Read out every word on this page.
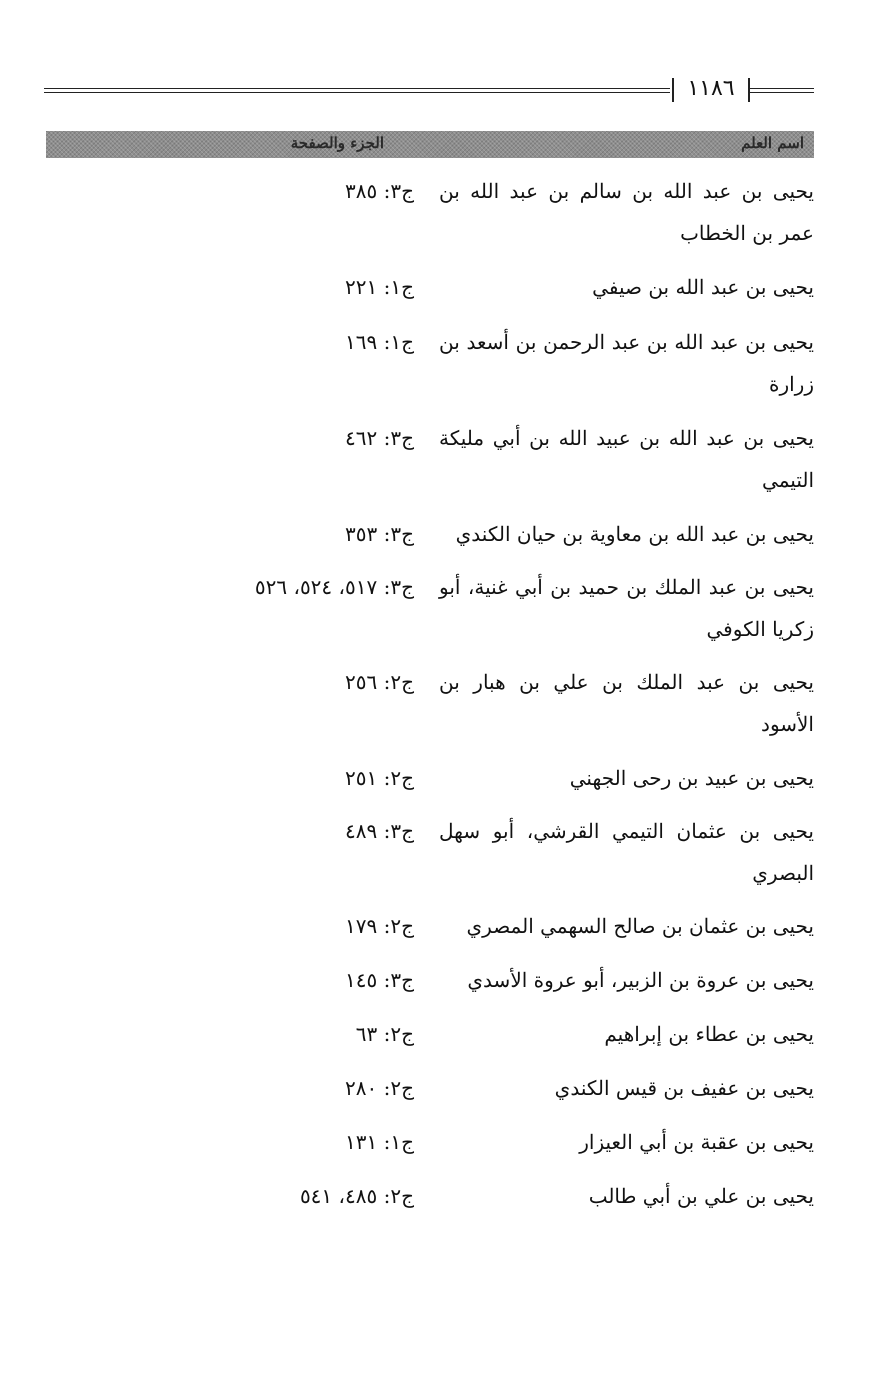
١١٨٦
اسم العلم
الجزء والصفحة
يحيى بن عبد الله بن سالم بن عبد الله بن عمر بن الخطاب
ج٣: ٣٨٥
يحيى بن عبد الله بن صيفي
ج١: ٢٢١
يحيى بن عبد الله بن عبد الرحمن بن أسعد بن زرارة
ج١: ١٦٩
يحيى بن عبد الله بن عبيد الله بن أبي مليكة التيمي
ج٣: ٤٦٢
يحيى بن عبد الله بن معاوية بن حيان الكندي
ج٣: ٣٥٣
يحيى بن عبد الملك بن حميد بن أبي غنية، أبو زكريا الكوفي
ج٣: ٥١٧، ٥٢٤، ٥٢٦
يحيى بن عبد الملك بن علي بن هبار بن الأسود
ج٢: ٢٥٦
يحيى بن عبيد بن رحى الجهني
ج٢: ٢٥١
يحيى بن عثمان التيمي القرشي، أبو سهل البصري
ج٣: ٤٨٩
يحيى بن عثمان بن صالح السهمي المصري
ج٢: ١٧٩
يحيى بن عروة بن الزبير، أبو عروة الأسدي
ج٣: ١٤٥
يحيى بن عطاء بن إبراهيم
ج٢: ٦٣
يحيى بن عفيف بن قيس الكندي
ج٢: ٢٨٠
يحيى بن عقبة بن أبي العيزار
ج١: ١٣١
يحيى بن علي بن أبي طالب
ج٢: ٤٨٥، ٥٤١
